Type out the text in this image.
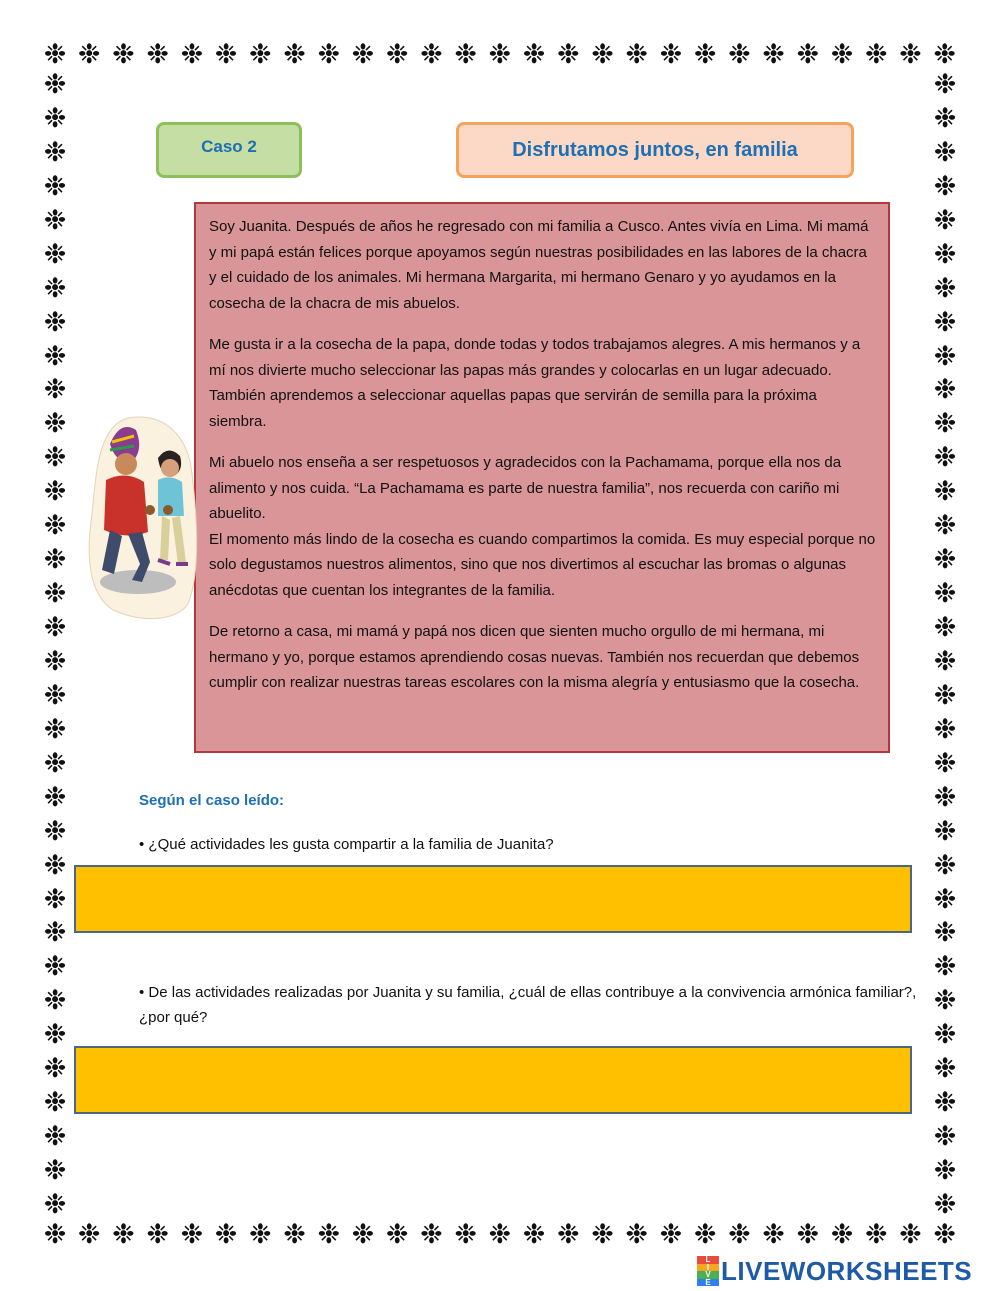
❉ ❉ ❉ ❉ ❉ ❉ ❉ ❉ ❉ ❉ ❉ ❉ ❉ ❉ ❉ ❉ ❉ ❉ ❉ ❉ ❉ ❉ ❉ ❉ ❉ ❉ ❉
❉ ❉ ❉ ❉ ❉ ❉ ❉ ❉ ❉ ❉ ❉ ❉ ❉ ❉ ❉ ❉ ❉ ❉ ❉ ❉ ❉ ❉ ❉ ❉ ❉ ❉ ❉
❉
❉
❉
❉
❉
❉
❉
❉
❉
❉
❉
❉
❉
❉
❉
❉
❉
❉
❉
❉
❉
❉
❉
❉
❉
❉
❉
❉
❉
❉
❉
❉
❉
❉
❉
❉
❉
❉
❉
❉
❉
❉
❉
❉
❉
❉
❉
❉
❉
❉
❉
❉
❉
❉
❉
❉
❉
❉
❉
❉
❉
❉
❉
❉
❉
❉
❉
❉
Caso 2	Disfrutamos juntos, en familia

Soy Juanita. Después de años he regresado con mi familia a Cusco. Antes vivía en Lima. Mi mamá y mi papá están felices porque apoyamos según nuestras posibilidades en las labores de la chacra y el cuidado de los animales. Mi hermana Margarita, mi hermano Genaro y yo ayudamos en la cosecha de la chacra de mis abuelos.

Me gusta ir a la cosecha de la papa, donde todas y todos trabajamos alegres. A mis hermanos y a mí nos divierte mucho seleccionar las papas más grandes y colocarlas en un lugar adecuado. También aprendemos a seleccionar aquellas papas que servirán de semilla para la próxima siembra.

Mi abuelo nos enseña a ser respetuosos y agradecidos con la Pachamama, porque ella nos da alimento y nos cuida. “La Pachamama es parte de nuestra familia”, nos recuerda con cariño mi abuelito.

El momento más lindo de la cosecha es cuando compartimos la comida. Es muy especial porque no solo degustamos nuestros alimentos, sino que nos divertimos al escuchar las bromas o algunas anécdotas que cuentan los integrantes de la familia.

De retorno a casa, mi mamá y papá nos dicen que sienten mucho orgullo de mi hermana, mi hermano y yo, porque estamos aprendiendo cosas nuevas. También nos recuerdan que debemos cumplir con realizar nuestras tareas escolares con la misma alegría y entusiasmo que la cosecha.

Según el caso leído:
• ¿Qué actividades les gusta compartir a la familia de Juanita?
• De las actividades realizadas por Juanita y su familia, ¿cuál de ellas contribuye a la convivencia armónica familiar?, ¿por qué?
L
I
V
E LIVEWORKSHEETS
